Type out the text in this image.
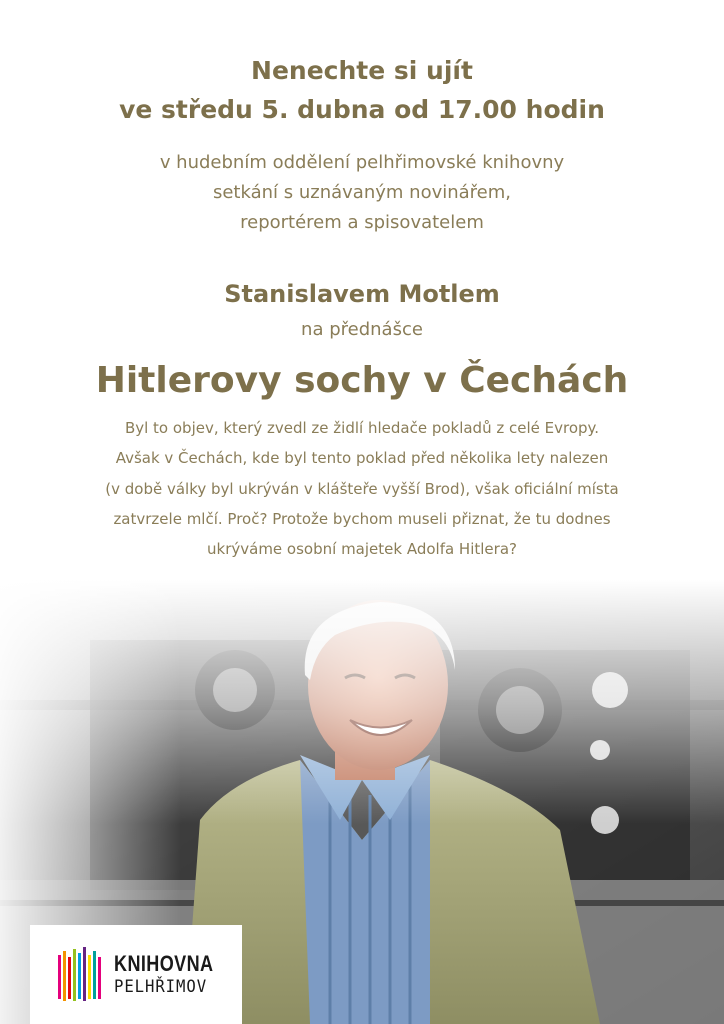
Nenechte si ujít
ve středu 5. dubna od 17.00 hodin
v hudebním oddělení pelhřimovské knihovny
setkání s uznávaným novinářem,
reportérem a spisovatelem
Stanislavem Motlem
na přednášce
Hitlerovy sochy v Čechách
Byl to objev, který zvedl ze židlí hledače pokladů z celé Evropy.
Avšak v Čechách, kde byl tento poklad před několika lety nalezen
(v době války byl ukrýván v klášteře vyšší Brod), však oficiální místa
zatvrzele mlčí. Proč? Protože bychom museli přiznat, že tu dodnes
ukrýváme osobní majetek Adolfa Hitlera?
KNIHOVNA
PELHŘIMOV
